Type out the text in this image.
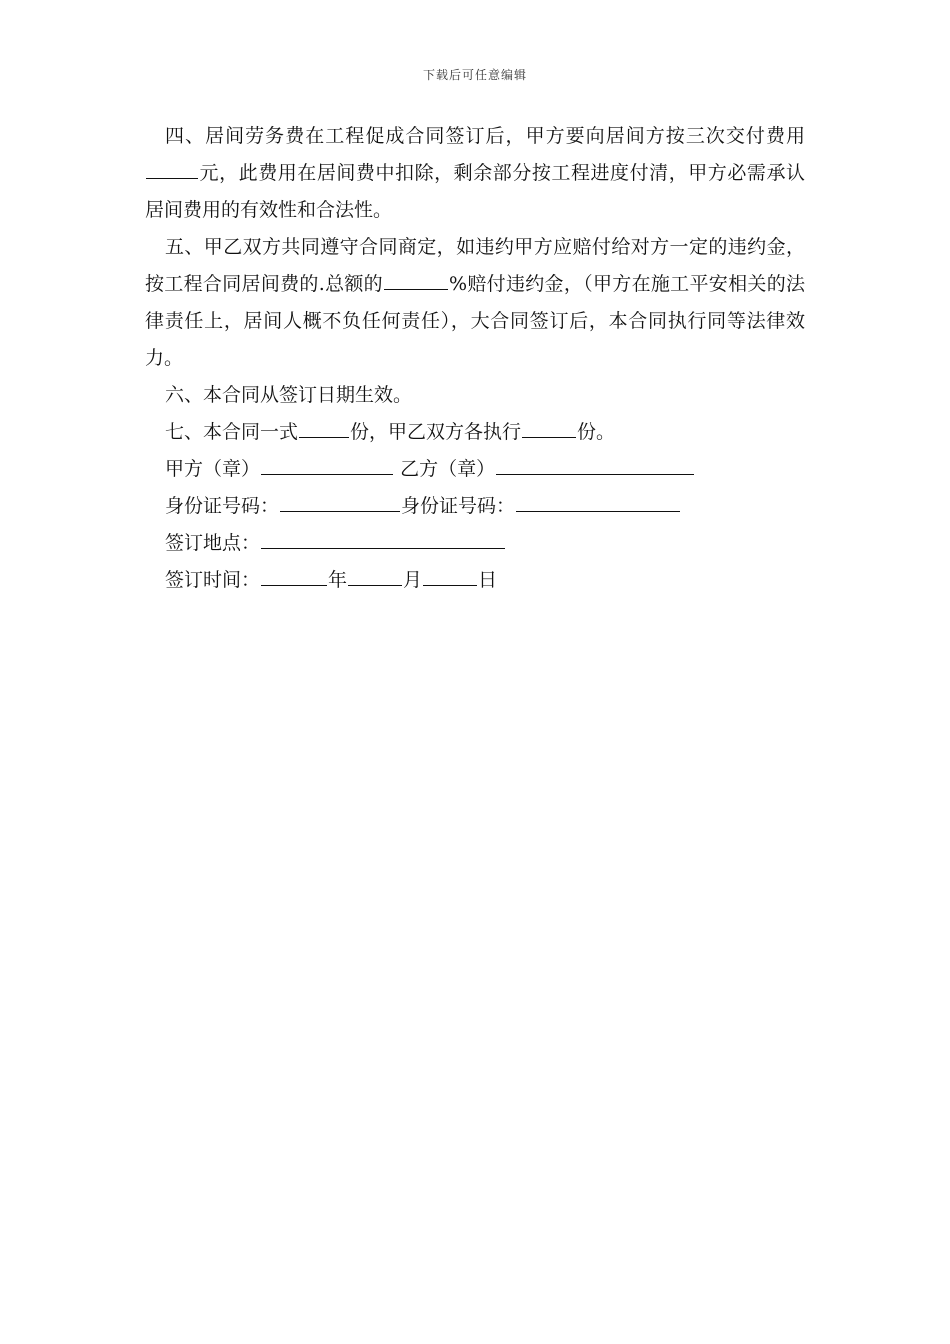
下载后可任意编辑

四、居间劳务费在工程促成合同签订后，甲方要向居间方按三次交付费用元，此费用在居间费中扣除，剩余部分按工程进度付清，甲方必需承认居间费用的有效性和合法性。

五、甲乙双方共同遵守合同商定，如违约甲方应赔付给对方一定的违约金，按工程合同居间费的.总额的	%赔付违约金，（甲方在施工平安相关的法律责任上，居间人概不负任何责任），大合同签订后，本合同执行同等法律效力。

六、本合同从签订日期生效。

七、本合同一式	份，甲乙双方各执行	份。

甲方（章）	乙方（章）

身份证号码：	身份证号码：

签订地点：

签订时间：	年	月	日
